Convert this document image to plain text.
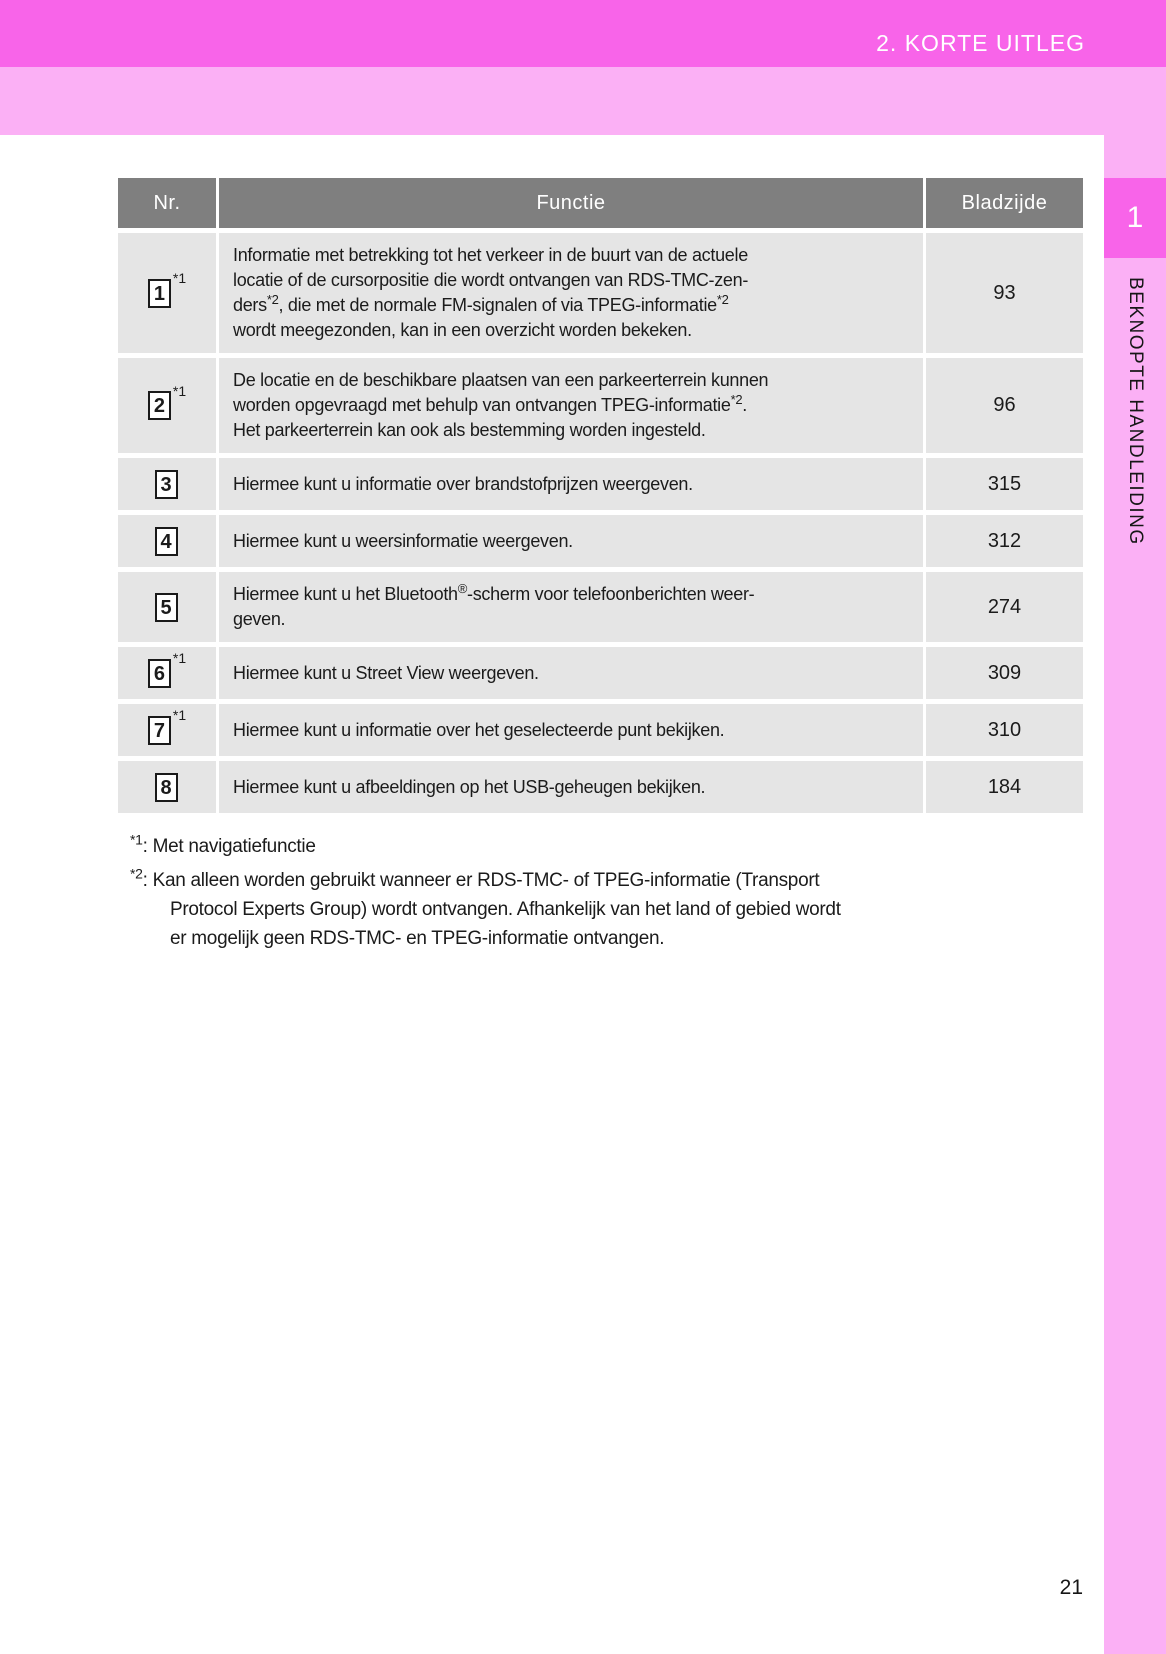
2. KORTE UITLEG
1
BEKNOPTE HANDLEIDING
Nr.	Functie	Bladzijde
1$^{*1}$	Informatie met betrekking tot het verkeer in de buurt van de actuele
locatie of de cursorpositie die wordt ontvangen van RDS-TMC-zen-
ders$^{*2}$, die met de normale FM-signalen of via TPEG-informatie$^{*2}$
wordt meegezonden, kan in een overzicht worden bekeken.	93
2$^{*1}$	De locatie en de beschikbare plaatsen van een parkeerterrein kunnen
worden opgevraagd met behulp van ontvangen TPEG-informatie$^{*2}$.
Het parkeerterrein kan ook als bestemming worden ingesteld.	96
3	Hiermee kunt u informatie over brandstofprijzen weergeven.	315
4	Hiermee kunt u weersinformatie weergeven.	312
5	Hiermee kunt u het Bluetooth®-scherm voor telefoonberichten weer-
geven.	274
6$^{*1}$	Hiermee kunt u Street View weergeven.	309
7$^{*1}$	Hiermee kunt u informatie over het geselecteerde punt bekijken.	310
8	Hiermee kunt u afbeeldingen op het USB-geheugen bekijken.	184
$^{*1}$: Met navigatiefunctie
$^{*2}$: Kan alleen worden gebruikt wanneer er RDS-TMC- of TPEG-informatie (Transport
Protocol Experts Group) wordt ontvangen. Afhankelijk van het land of gebied wordt
er mogelijk geen RDS-TMC- en TPEG-informatie ontvangen.
21
